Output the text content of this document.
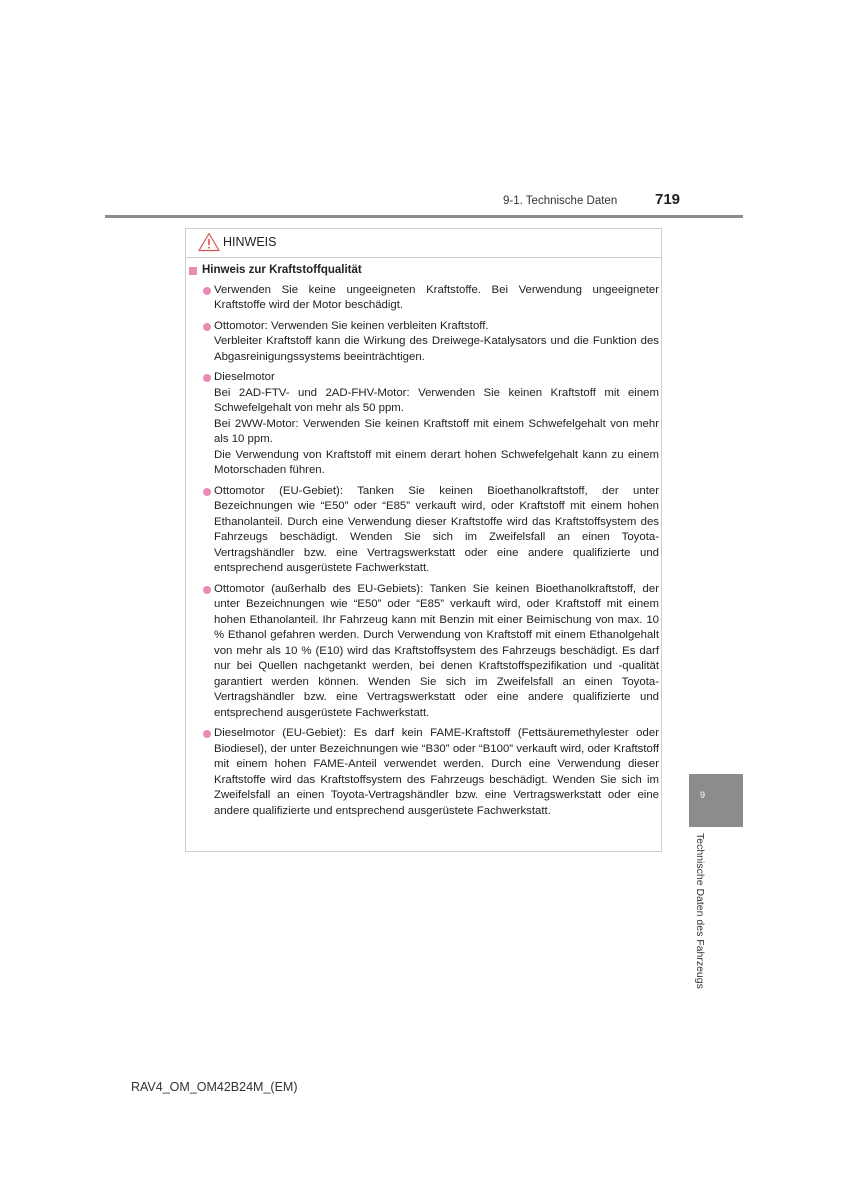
9-1. Technische Daten	719
HINWEIS
Hinweis zur Kraftstoffqualität
Verwenden Sie keine ungeeigneten Kraftstoffe. Bei Verwendung ungeeigneter Kraftstoffe wird der Motor beschädigt.
Ottomotor: Verwenden Sie keinen verbleiten Kraftstoff.
Verbleiter Kraftstoff kann die Wirkung des Dreiwege-Katalysators und die Funktion des Abgasreinigungssystems beeinträchtigen.
Dieselmotor
Bei 2AD-FTV- und 2AD-FHV-Motor: Verwenden Sie keinen Kraftstoff mit einem Schwefelgehalt von mehr als 50 ppm.
Bei 2WW-Motor: Verwenden Sie keinen Kraftstoff mit einem Schwefelgehalt von mehr als 10 ppm.
Die Verwendung von Kraftstoff mit einem derart hohen Schwefelgehalt kann zu einem Motorschaden führen.
Ottomotor (EU-Gebiet): Tanken Sie keinen Bioethanolkraftstoff, der unter Bezeichnungen wie “E50” oder “E85” verkauft wird, oder Kraftstoff mit einem hohen Ethanolanteil. Durch eine Verwendung dieser Kraftstoffe wird das Kraftstoffsystem des Fahrzeugs beschädigt. Wenden Sie sich im Zweifelsfall an einen Toyota-Vertragshändler bzw. eine Vertragswerkstatt oder eine andere qualifizierte und entsprechend ausgerüstete Fachwerkstatt.
Ottomotor (außerhalb des EU-Gebiets): Tanken Sie keinen Bioethanolkraftstoff, der unter Bezeichnungen wie “E50” oder “E85” verkauft wird, oder Kraftstoff mit einem hohen Ethanolanteil. Ihr Fahrzeug kann mit Benzin mit einer Beimischung von max. 10 % Ethanol gefahren werden. Durch Verwendung von Kraftstoff mit einem Ethanolgehalt von mehr als 10 % (E10) wird das Kraftstoffsystem des Fahrzeugs beschädigt. Es darf nur bei Quellen nachgetankt werden, bei denen Kraftstoffspezifikation und -qualität garantiert werden können. Wenden Sie sich im Zweifelsfall an einen Toyota-Vertragshändler bzw. eine Vertragswerkstatt oder eine andere qualifizierte und entsprechend ausgerüstete Fachwerkstatt.
Dieselmotor (EU-Gebiet): Es darf kein FAME-Kraftstoff (Fettsäuremethylester oder Biodiesel), der unter Bezeichnungen wie “B30” oder “B100” verkauft wird, oder Kraftstoff mit einem hohen FAME-Anteil verwendet werden. Durch eine Verwendung dieser Kraftstoffe wird das Kraftstoffsystem des Fahrzeugs beschädigt. Wenden Sie sich im Zweifelsfall an einen Toyota-Vertragshändler bzw. eine Vertragswerkstatt oder eine andere qualifizierte und entsprechend ausgerüstete Fachwerkstatt.
9
Technische Daten des Fahrzeugs
RAV4_OM_OM42B24M_(EM)
